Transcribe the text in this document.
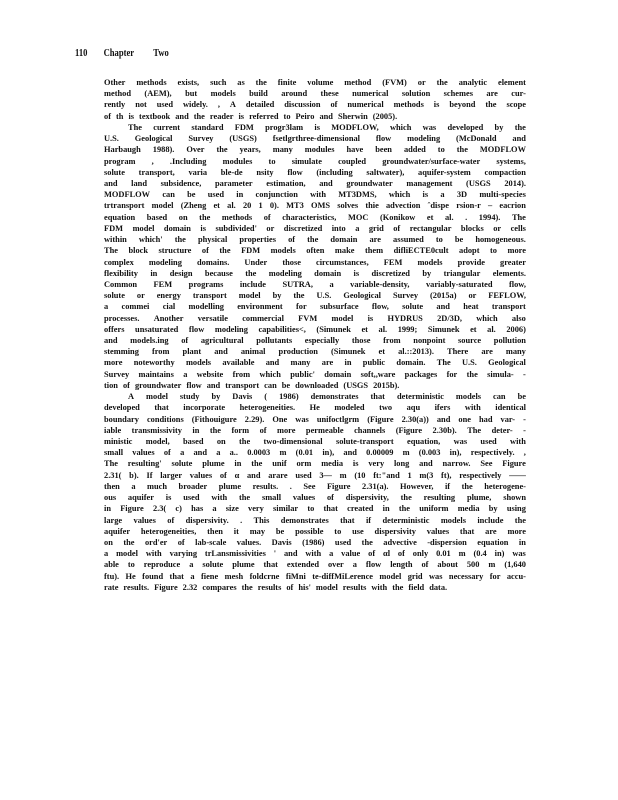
110 Chapter Two
Other methods exists, such as the finite volume method (FVM) or the analytic element
method (AEM), but models build around these numerical solution schemes are cur-
rently not used widely. , A detailed discussion of numerical methods is beyond the scope
of th is textbook and the reader is referred to Peiro and Sherwin (2005).
The current standard FDM progr3lam is MODFLOW, which was developed by the
U.S. Geological Survey (USGS) fsetlgrthree-dimensional flow modeling (McDonald and
Harbaugh 1988). Over the years, many modules have been added to the MODFLOW
program , .Including modules to simulate coupled groundwater/surface-water systems,
solute transport, varia ble-de nsity flow (including saltwater), aquifer-system compaction
and land subsidence, parameter estimation, and groundwater management (USGS 2014).
MODFLOW can be used in conjunction with MT3DMS, which is a 3D multi-species
trtransport model (Zheng et al. 20 1 0). MT3 OMS solves thie advection ˆdispe rsion-r – eacrion
equation based on the methods of characteristics, MOC (Konikow et al. . 1994). The
FDM model domain is subdivided' or discretized into a grid of rectangular blocks or cells
within which' the physical properties of the domain are assumed to be homogeneous.
The block structure of the FDM models often make them difliECTE0cult adopt to more
complex modeling domains. Under those circumstances, FEM models provide greater
flexibility in design because the modeling domain is discretized by triangular elements.
Common FEM programs include SUTRA, a variable-density, variably-saturated flow,
solute or energy transport model by the U.S. Geological Survey (2015a) or FEFLOW,
a commei cial modelling environment for subsurface flow, solute and heat transport
processes. Another versatile commercial FVM model is HYDRUS 2D/3D, which also
offers unsaturated flow modeling capabilities<, (Simunek et al. 1999; Simunek et al. 2006)
and models.ing of agricultural pollutants especially those from nonpoint source pollution
stemming from plant and animal production (Simunek et al.::2013). There are many
more noteworthy models available and many are in public domain. The U.S. Geological
Survey maintains a website from which public' domain soft,,ware packages for the simula- -
tion of groundwater flow and transport can be downloaded (USGS 2015b).
A model study by Davis ( 1986) demonstrates that deterministic models can be
developed that incorporate heterogeneities. He modeled two aqu ifers with identical
boundary conditions (Fithouigure 2.29). One was unifoctlgrm (Figure 2.30(a)) and one had var- -
iable transmissivity in the form of more permeable channels (Figure 2.30b). The deter- -
ministic model, based on the two-dimensional solute-transport equation, was used with
small values of a and a a.. 0.0003 m (0.01 in), and 0.00009 m (0.003 in), respectively. ,
The resulting' solute plume in the unif orm media is very long and narrow. See Figure
2.31( b). If larger values of α and arare used 3— m (10 ft:"and 1 m(3 ft), respectively ——
then a much broader plume results. . See Figure 2.31(a). However, if the heterogene-
ous aquifer is used with the small values of dispersivity, the resulting plume, shown
in Figure 2.3( c) has a size very similar to that created in the uniform media by using
large values of dispersivity. . This demonstrates that if deterministic models include the
aquifer heterogeneities, then it may be possible to use dispersivity values that are more
on the ord'er of lab-scale values. Davis (1986) used the advective -dispersion equation in
a model with varying trLansmissivities ' and with a value of αl of only 0.01 m (0.4 in) was
able to reproduce a solute plume that extended over a flow length of about 500 m (1,640
ftu). He found that a fiene mesh foldcrne fiMni te-diffMiLerence model grid was necessary for accu-
rate results. Figure 2.32 compares the results of his' model results with the field data.
